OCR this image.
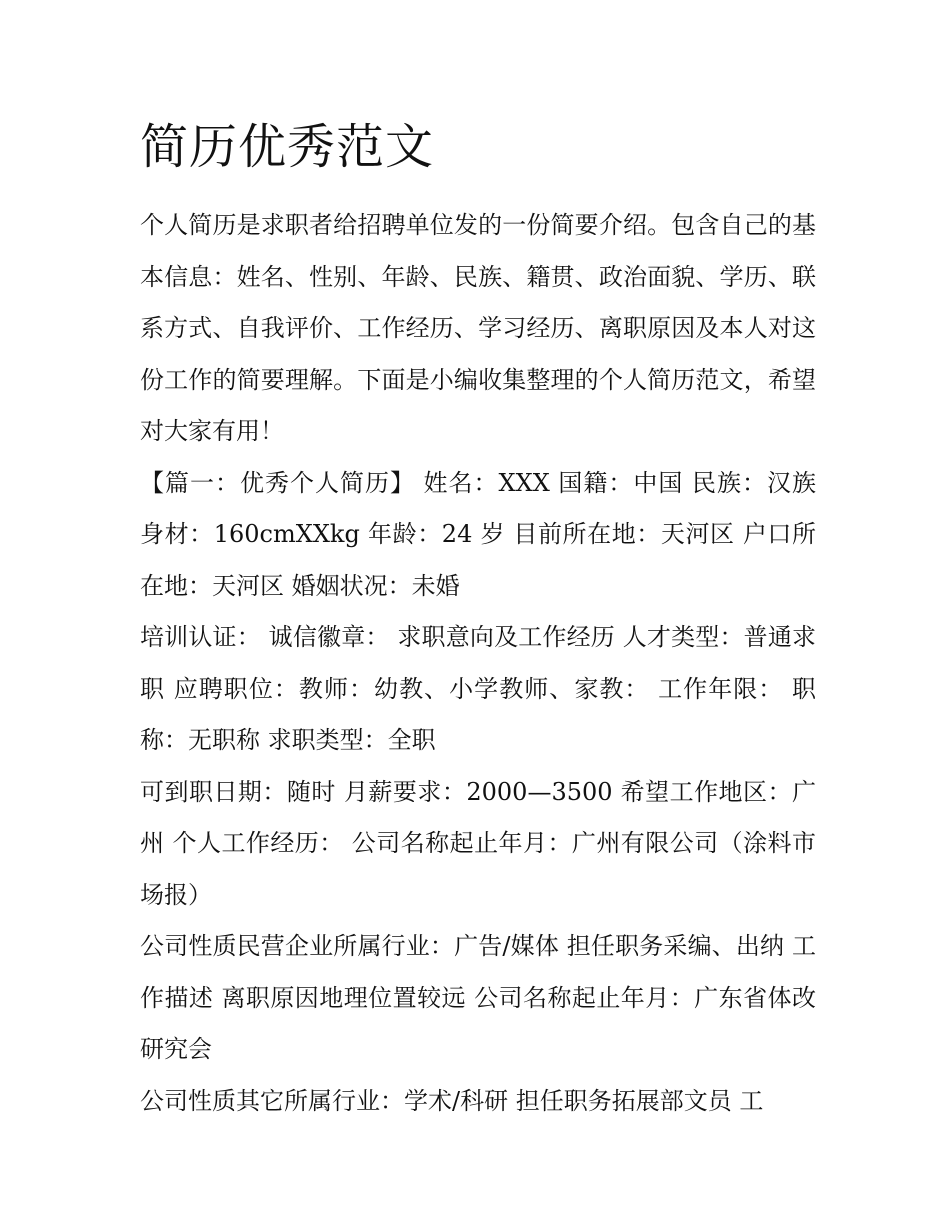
简历优秀范文

个人简历是求职者给招聘单位发的一份简要介绍。包含自己的基本信息：姓名、性别、年龄、民族、籍贯、政治面貌、学历、联系方式、自我评价、工作经历、学习经历、离职原因及本人对这份工作的简要理解。下面是小编收集整理的个人简历范文，希望对大家有用！

【篇一：优秀个人简历】 姓名：XXX 国籍：中国 民族：汉族 身材：160cmXXkg 年龄：24 岁 目前所在地：天河区 户口所在地：天河区 婚姻状况：未婚

培训认证： 诚信徽章： 求职意向及工作经历 人才类型：普通求职 应聘职位：教师：幼教、小学教师、家教： 工作年限： 职称：无职称 求职类型：全职

可到职日期：随时 月薪要求：2000—3500 希望工作地区：广州 个人工作经历： 公司名称起止年月：广州有限公司（涂料市场报）

公司性质民营企业所属行业：广告/媒体 担任职务采编、出纳 工作描述 离职原因地理位置较远 公司名称起止年月：广东省体改研究会

公司性质其它所属行业：学术/科研 担任职务拓展部文员 工
